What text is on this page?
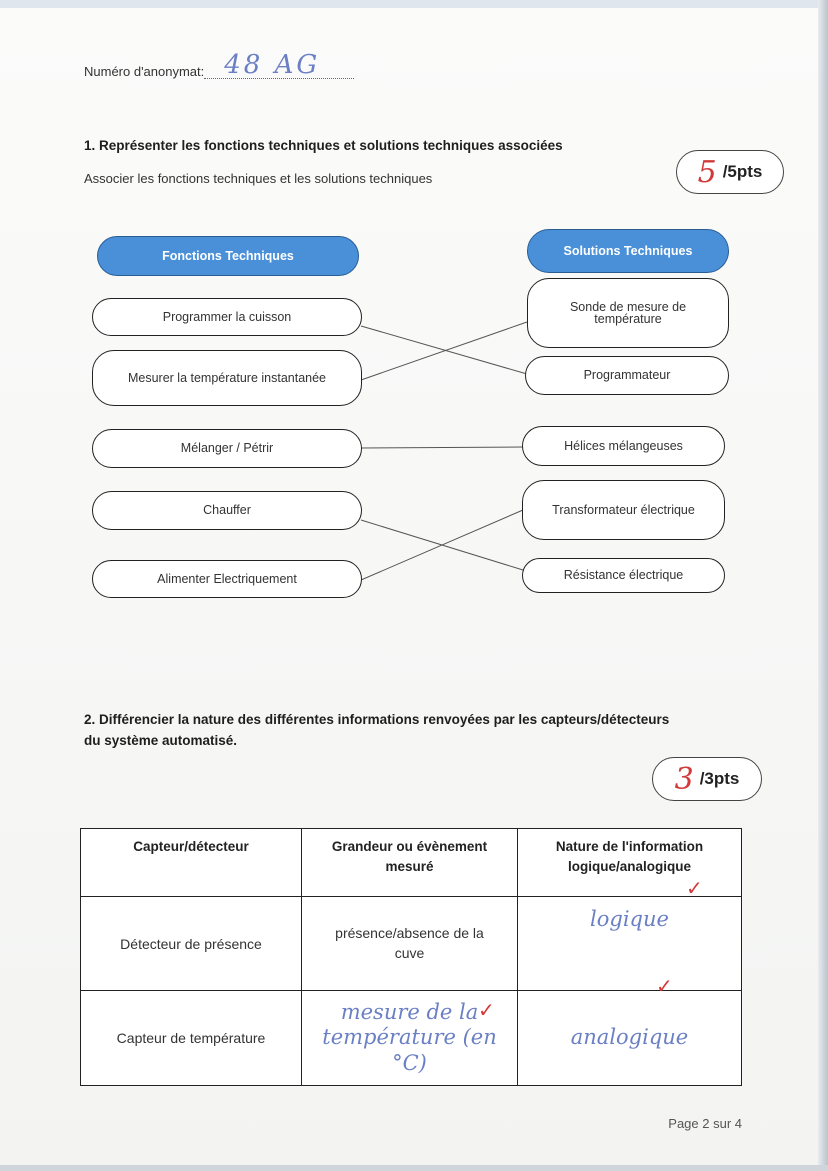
Numéro d'anonymat: 48 AG
1. Représenter les fonctions techniques et solutions techniques associées
Associer les fonctions techniques et les solutions techniques	5 /5pts
Fonctions Techniques	Solutions Techniques
Programmer la cuisson
Mesurer la température instantanée
Mélanger / Pétrir
Chauffer
Alimenter Electriquement
Sonde de mesure de température
Programmateur
Hélices mélangeuses
Transformateur électrique
Résistance électrique
2. Différencier la nature des différentes informations renvoyées par les capteurs/détecteurs
du système automatisé.
3 /3pts
Capteur/détecteur	Grandeur ou évènement mesuré	Nature de l'information logique/analogique
Détecteur de présence	présence/absence de la cuve	logique
Capteur de température	mesure de la température (en °C)	analogique
✓
✓
✓
Page 2 sur 4
